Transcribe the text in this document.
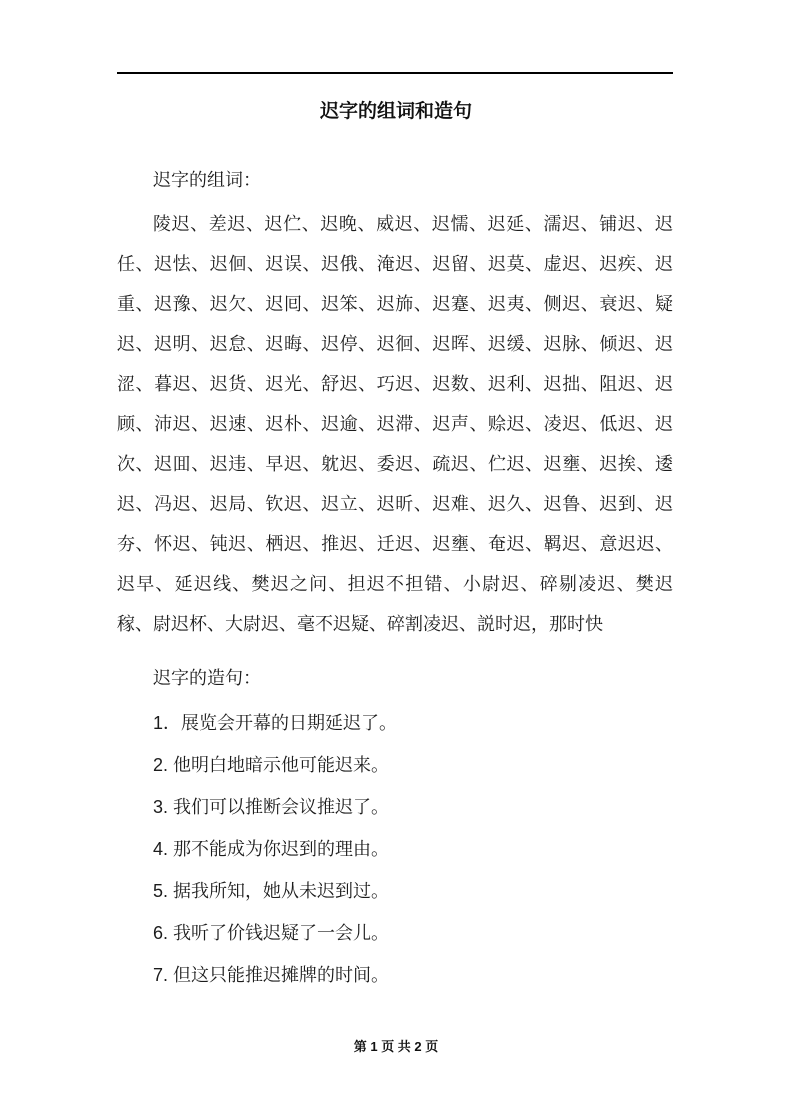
迟字的组词和造句

迟字的组词：

陵迟、差迟、迟伫、迟晚、威迟、迟懦、迟延、濡迟、铺迟、迟任、迟怯、迟佪、迟误、迟俄、淹迟、迟留、迟莫、虚迟、迟疾、迟重、迟豫、迟欠、迟囘、迟笨、迟斾、迟蹇、迟夷、侧迟、衰迟、疑迟、迟明、迟怠、迟晦、迟停、迟徊、迟晖、迟缓、迟脉、倾迟、迟涩、暮迟、迟货、迟光、舒迟、巧迟、迟数、迟利、迟拙、阻迟、迟顾、沛迟、迟速、迟朴、迟逾、迟滞、迟声、赊迟、凌迟、低迟、迟次、迟囬、迟违、早迟、躭迟、委迟、疏迟、伫迟、迟壅、迟挨、逶迟、冯迟、迟局、钦迟、迟立、迟昕、迟难、迟久、迟鲁、迟到、迟夯、怀迟、钝迟、栖迟、推迟、迁迟、迟壅、奄迟、羁迟、意迟迟、迟早、延迟线、樊迟之问、担迟不担错、小尉迟、碎剔凌迟、樊迟稼、尉迟杯、大尉迟、毫不迟疑、碎割凌迟、説时迟，那时快

迟字的造句：

1．展览会开幕的日期延迟了。

2. 他明白地暗示他可能迟来。

3. 我们可以推断会议推迟了。

4. 那不能成为你迟到的理由。

5. 据我所知，她从未迟到过。

6. 我听了价钱迟疑了一会儿。

7. 但这只能推迟摊牌的时间。

第 1 页 共 2 页
